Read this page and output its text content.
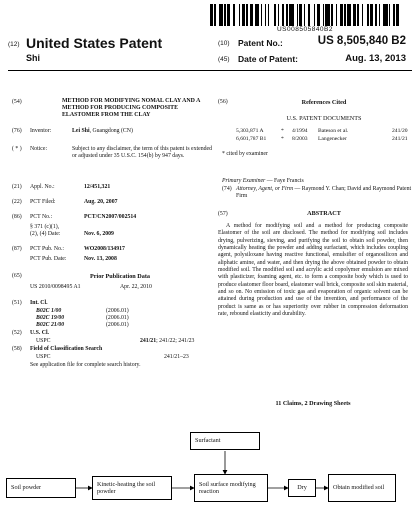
US008505840B2
(12) United States Patent
Shi
(10) Patent No.:	US 8,505,840 B2
(45) Date of Patent:	Aug. 13, 2013
(54)	METHOD FOR MODIFYING NOMAL CLAY AND A METHOD FOR PRODUCING COMPOSITE ELASTOMER FROM THE CLAY
(76) Inventor:	Lei Shi, Guangdong (CN)
( * ) Notice:	Subject to any disclaimer, the term of this patent is extended or adjusted under 35 U.S.C. 154(b) by 947 days.
(21) Appl. No.:	12/451,321
(22) PCT Filed:	Aug. 20, 2007
(86) PCT No.:	PCT/CN2007/002514
§ 371 (c)(1),
(2), (4) Date:	Nov. 6, 2009
(87) PCT Pub. No.:	WO2008/134917
PCT Pub. Date:	Nov. 13, 2008
(65)	Prior Publication Data
US 2010/0098495 A1	Apr. 22, 2010
(51) Int. Cl.
B02C 1/00	(2006.01)
B02C 19/00	(2006.01)
B02C 21/00	(2006.01)
(52) U.S. Cl.
USPC	241/21; 241/22; 241/23
(58) Field of Classification Search
USPC	241/21–23
See application file for complete search history.
(56)	References Cited
U.S. PATENT DOCUMENTS
5,303,871 A	* 4/1994 Bateson et al.	241/20
6,601,787 B1	* 8/2003 Langenecker	241/21
* cited by examiner
Primary Examiner — Faye Francis
(74) Attorney, Agent, or Firm — Raymond Y. Chan; David and Raymond Patent Firm
(57)	ABSTRACT
A method for modifying soil and a method for producing composite Elastomer of the soil are disclosed. The method for modifying soil includes drying, pulverizing, sieving, and purifying the soil to obtain soil powder, then dynamically heating the powder and adding surfactant, which includes coupling agent, polysiloxane having reactive functional, emulsifier of organosilicon and aliphatic amine, and water, and then drying the above obtained powder to obtain modified soil. The modified soil and acrylic acid copolymer emulsion are mixed with plasticizer, foaming agent, etc. to form a composite body which is used to produce elastomer floor board, elastomer wall brick, composite soil skin material, and so on. No emission of toxic gas and evaporation of organic solvent can be attained during production and use of the invention, and performance of the product is same as or has superiority over rubber in compression deformation rate, rebound elasticity and durability.
11 Claims, 2 Drawing Sheets
Surfactant
Soil powder
Kinetic-heating the soil powder
Soil surface modifying reaction
Dry	Obtain modified soil
